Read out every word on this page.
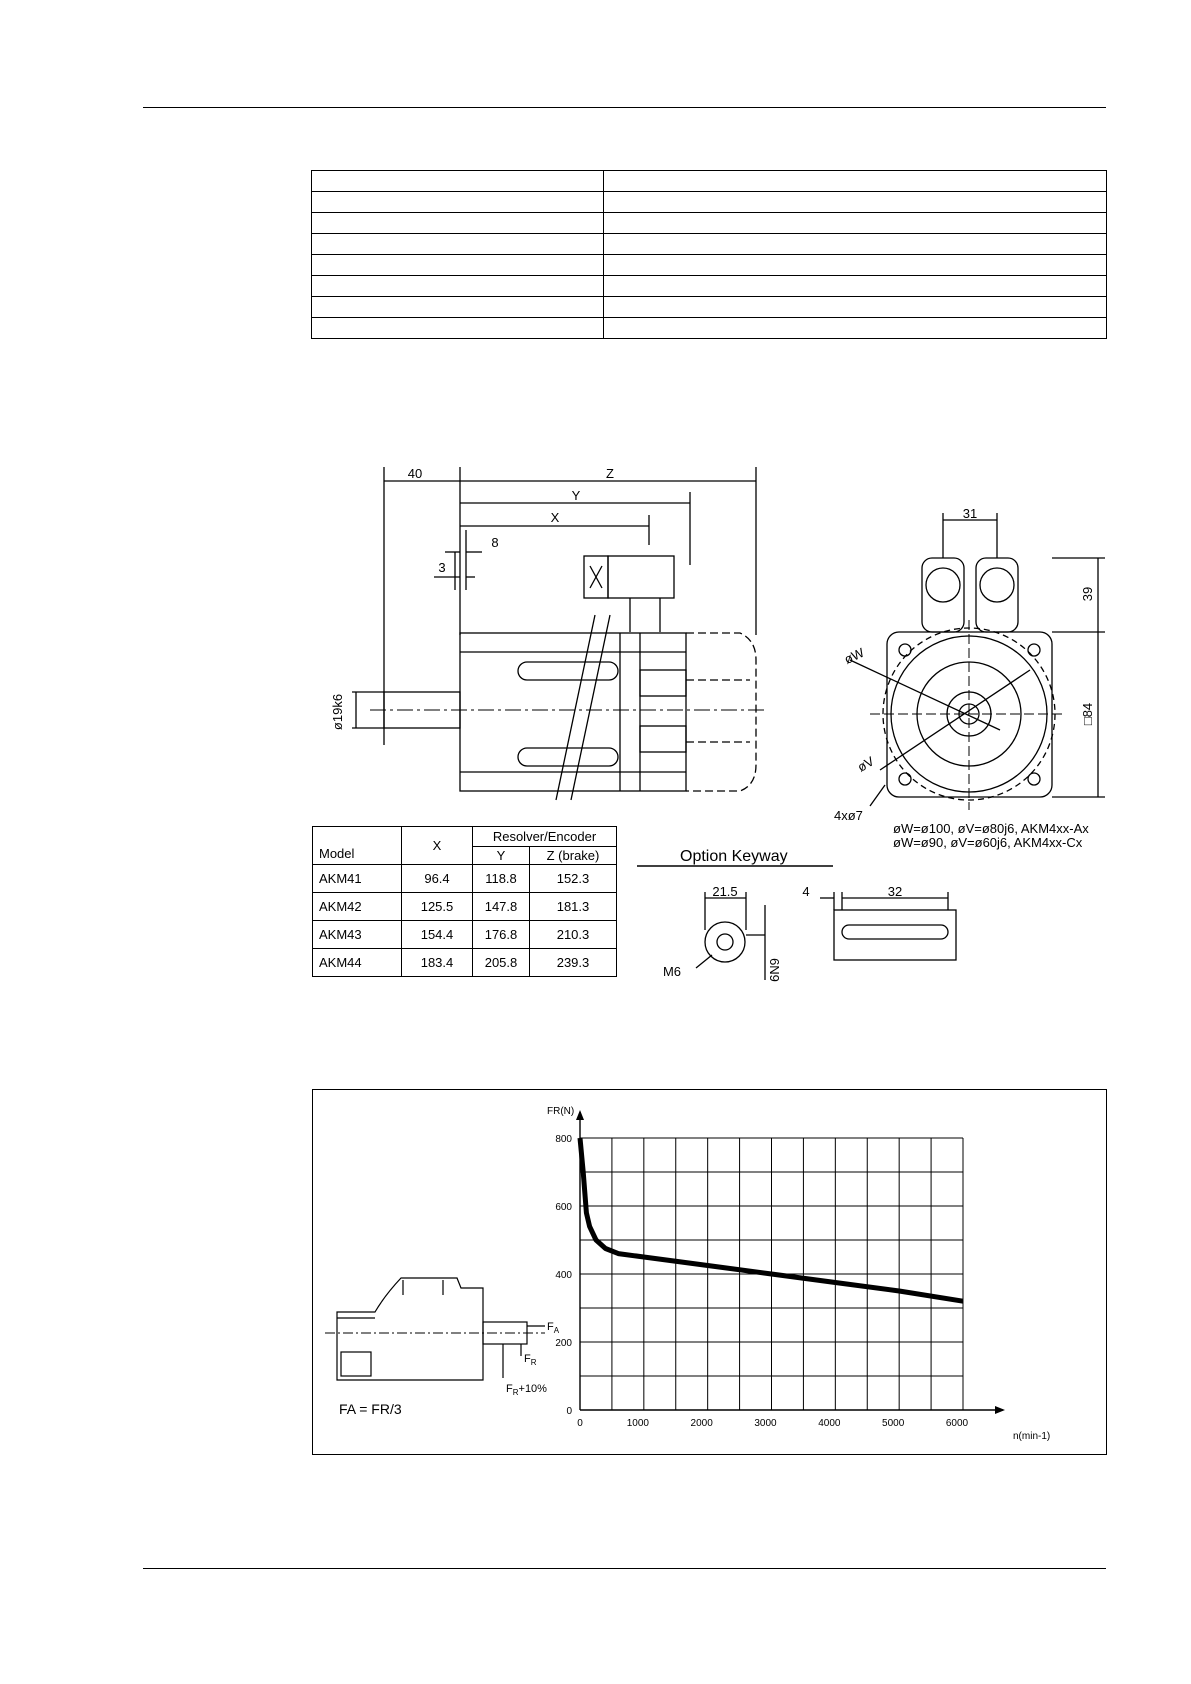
40	Z
Y
X
8
3
ø19k6
31
39
□84
øW
øV
4xø7
øW=ø100, øV=ø80j6, AKM4xx-Ax
øW=ø90, øV=ø60j6, AKM4xx-Cx
Option Keyway
21.5	4	32
M6	6N9
Model	X	Resolver/Encoder	
		Y	Z (brake)
AKM41	96.4	118.8	152.3
AKM42	125.5	147.8	181.3
AKM43	154.4	176.8	210.3
AKM44	183.4	205.8	239.3
$F_A$
$F_R$
$F_R+10\%$
FA = FR/3
FR(N)
n(min-1)
0
200
400
600
800
0	1000	2000	3000	4000	5000	6000
